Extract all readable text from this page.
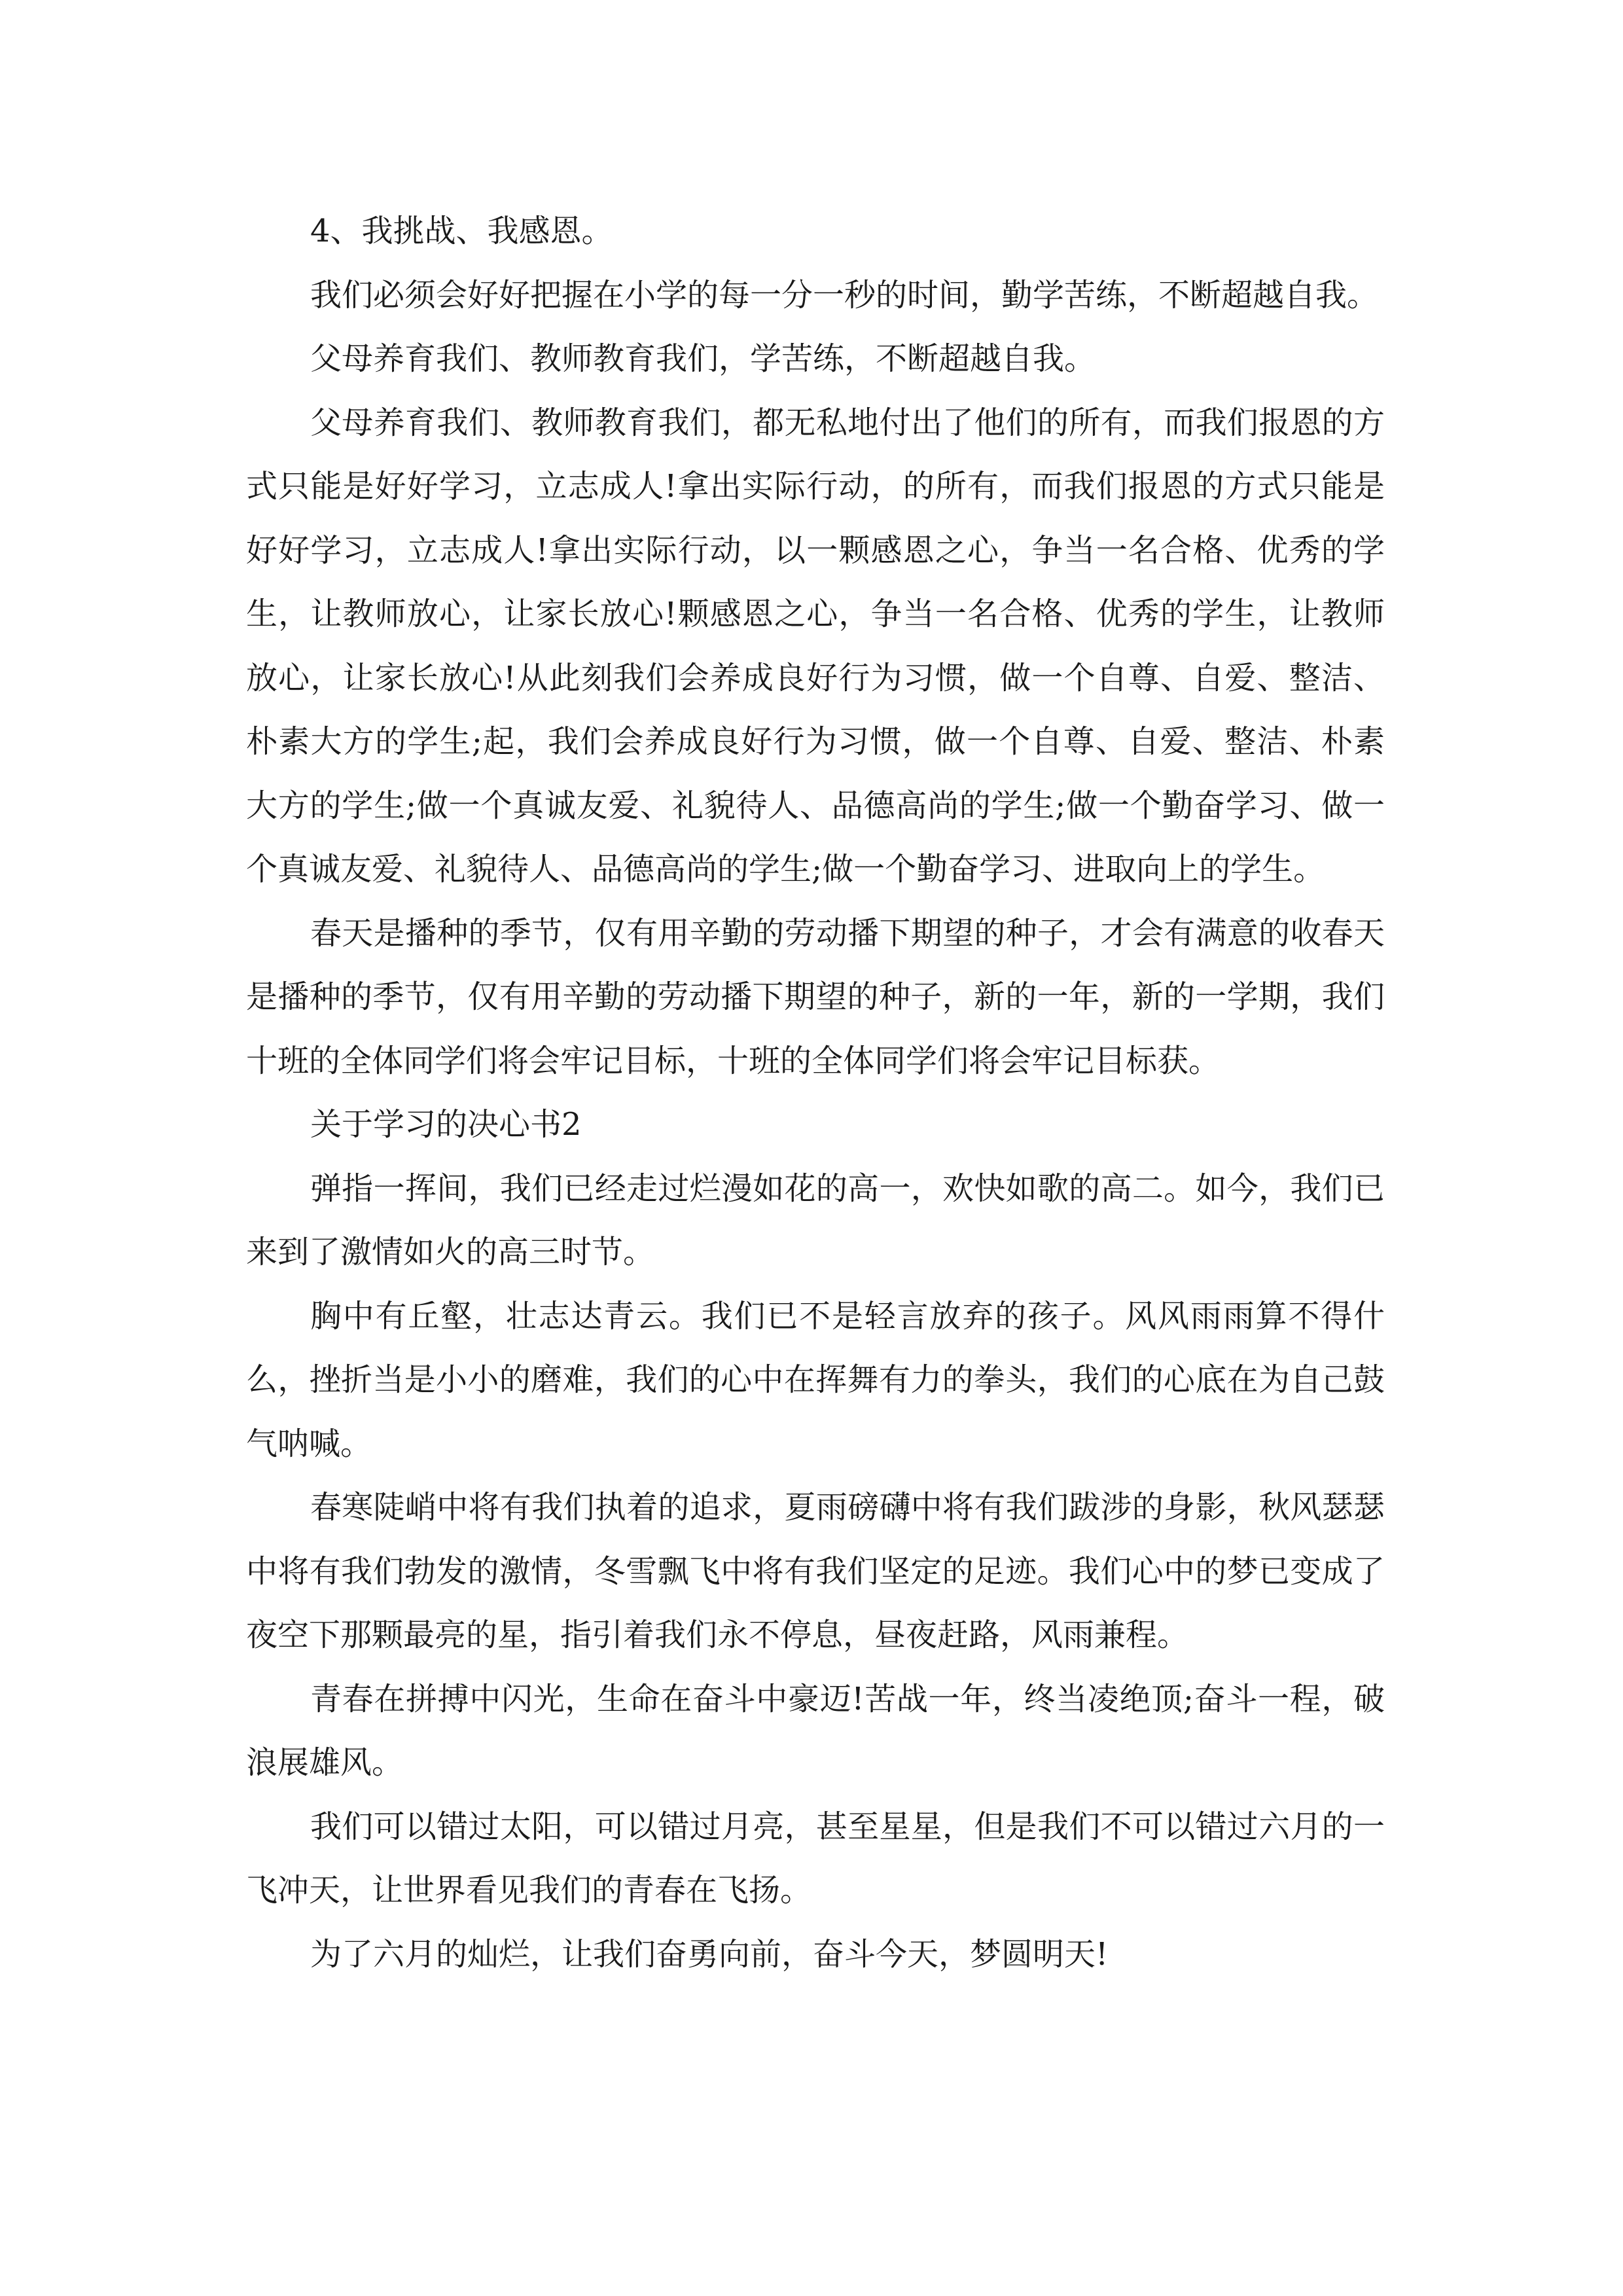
4、我挑战、我感恩。

我们必须会好好把握在小学的每一分一秒的时间，勤学苦练，不断超越自我。

父母养育我们、教师教育我们，学苦练，不断超越自我。

父母养育我们、教师教育我们，都无私地付出了他们的所有，而我们报恩的方式只能是好好学习，立志成人!拿出实际行动，的所有，而我们报恩的方式只能是好好学习，立志成人!拿出实际行动，以一颗感恩之心，争当一名合格、优秀的学生，让教师放心，让家长放心!颗感恩之心，争当一名合格、优秀的学生，让教师放心，让家长放心!从此刻我们会养成良好行为习惯，做一个自尊、自爱、整洁、朴素大方的学生;起，我们会养成良好行为习惯，做一个自尊、自爱、整洁、朴素大方的学生;做一个真诚友爱、礼貌待人、品德高尚的学生;做一个勤奋学习、做一个真诚友爱、礼貌待人、品德高尚的学生;做一个勤奋学习、进取向上的学生。

春天是播种的季节，仅有用辛勤的劳动播下期望的种子，才会有满意的收春天是播种的季节，仅有用辛勤的劳动播下期望的种子，新的一年，新的一学期，我们十班的全体同学们将会牢记目标，十班的全体同学们将会牢记目标获。

关于学习的决心书2

弹指一挥间，我们已经走过烂漫如花的高一，欢快如歌的高二。如今，我们已来到了激情如火的高三时节。

胸中有丘壑，壮志达青云。我们已不是轻言放弃的孩子。风风雨雨算不得什么，挫折当是小小的磨难，我们的心中在挥舞有力的拳头，我们的心底在为自己鼓气呐喊。

春寒陡峭中将有我们执着的追求，夏雨磅礴中将有我们跋涉的身影，秋风瑟瑟中将有我们勃发的激情，冬雪飘飞中将有我们坚定的足迹。我们心中的梦已变成了夜空下那颗最亮的星，指引着我们永不停息，昼夜赶路，风雨兼程。

青春在拼搏中闪光，生命在奋斗中豪迈!苦战一年，终当凌绝顶;奋斗一程，破浪展雄风。

我们可以错过太阳，可以错过月亮，甚至星星，但是我们不可以错过六月的一飞冲天，让世界看见我们的青春在飞扬。

为了六月的灿烂，让我们奋勇向前，奋斗今天，梦圆明天!
